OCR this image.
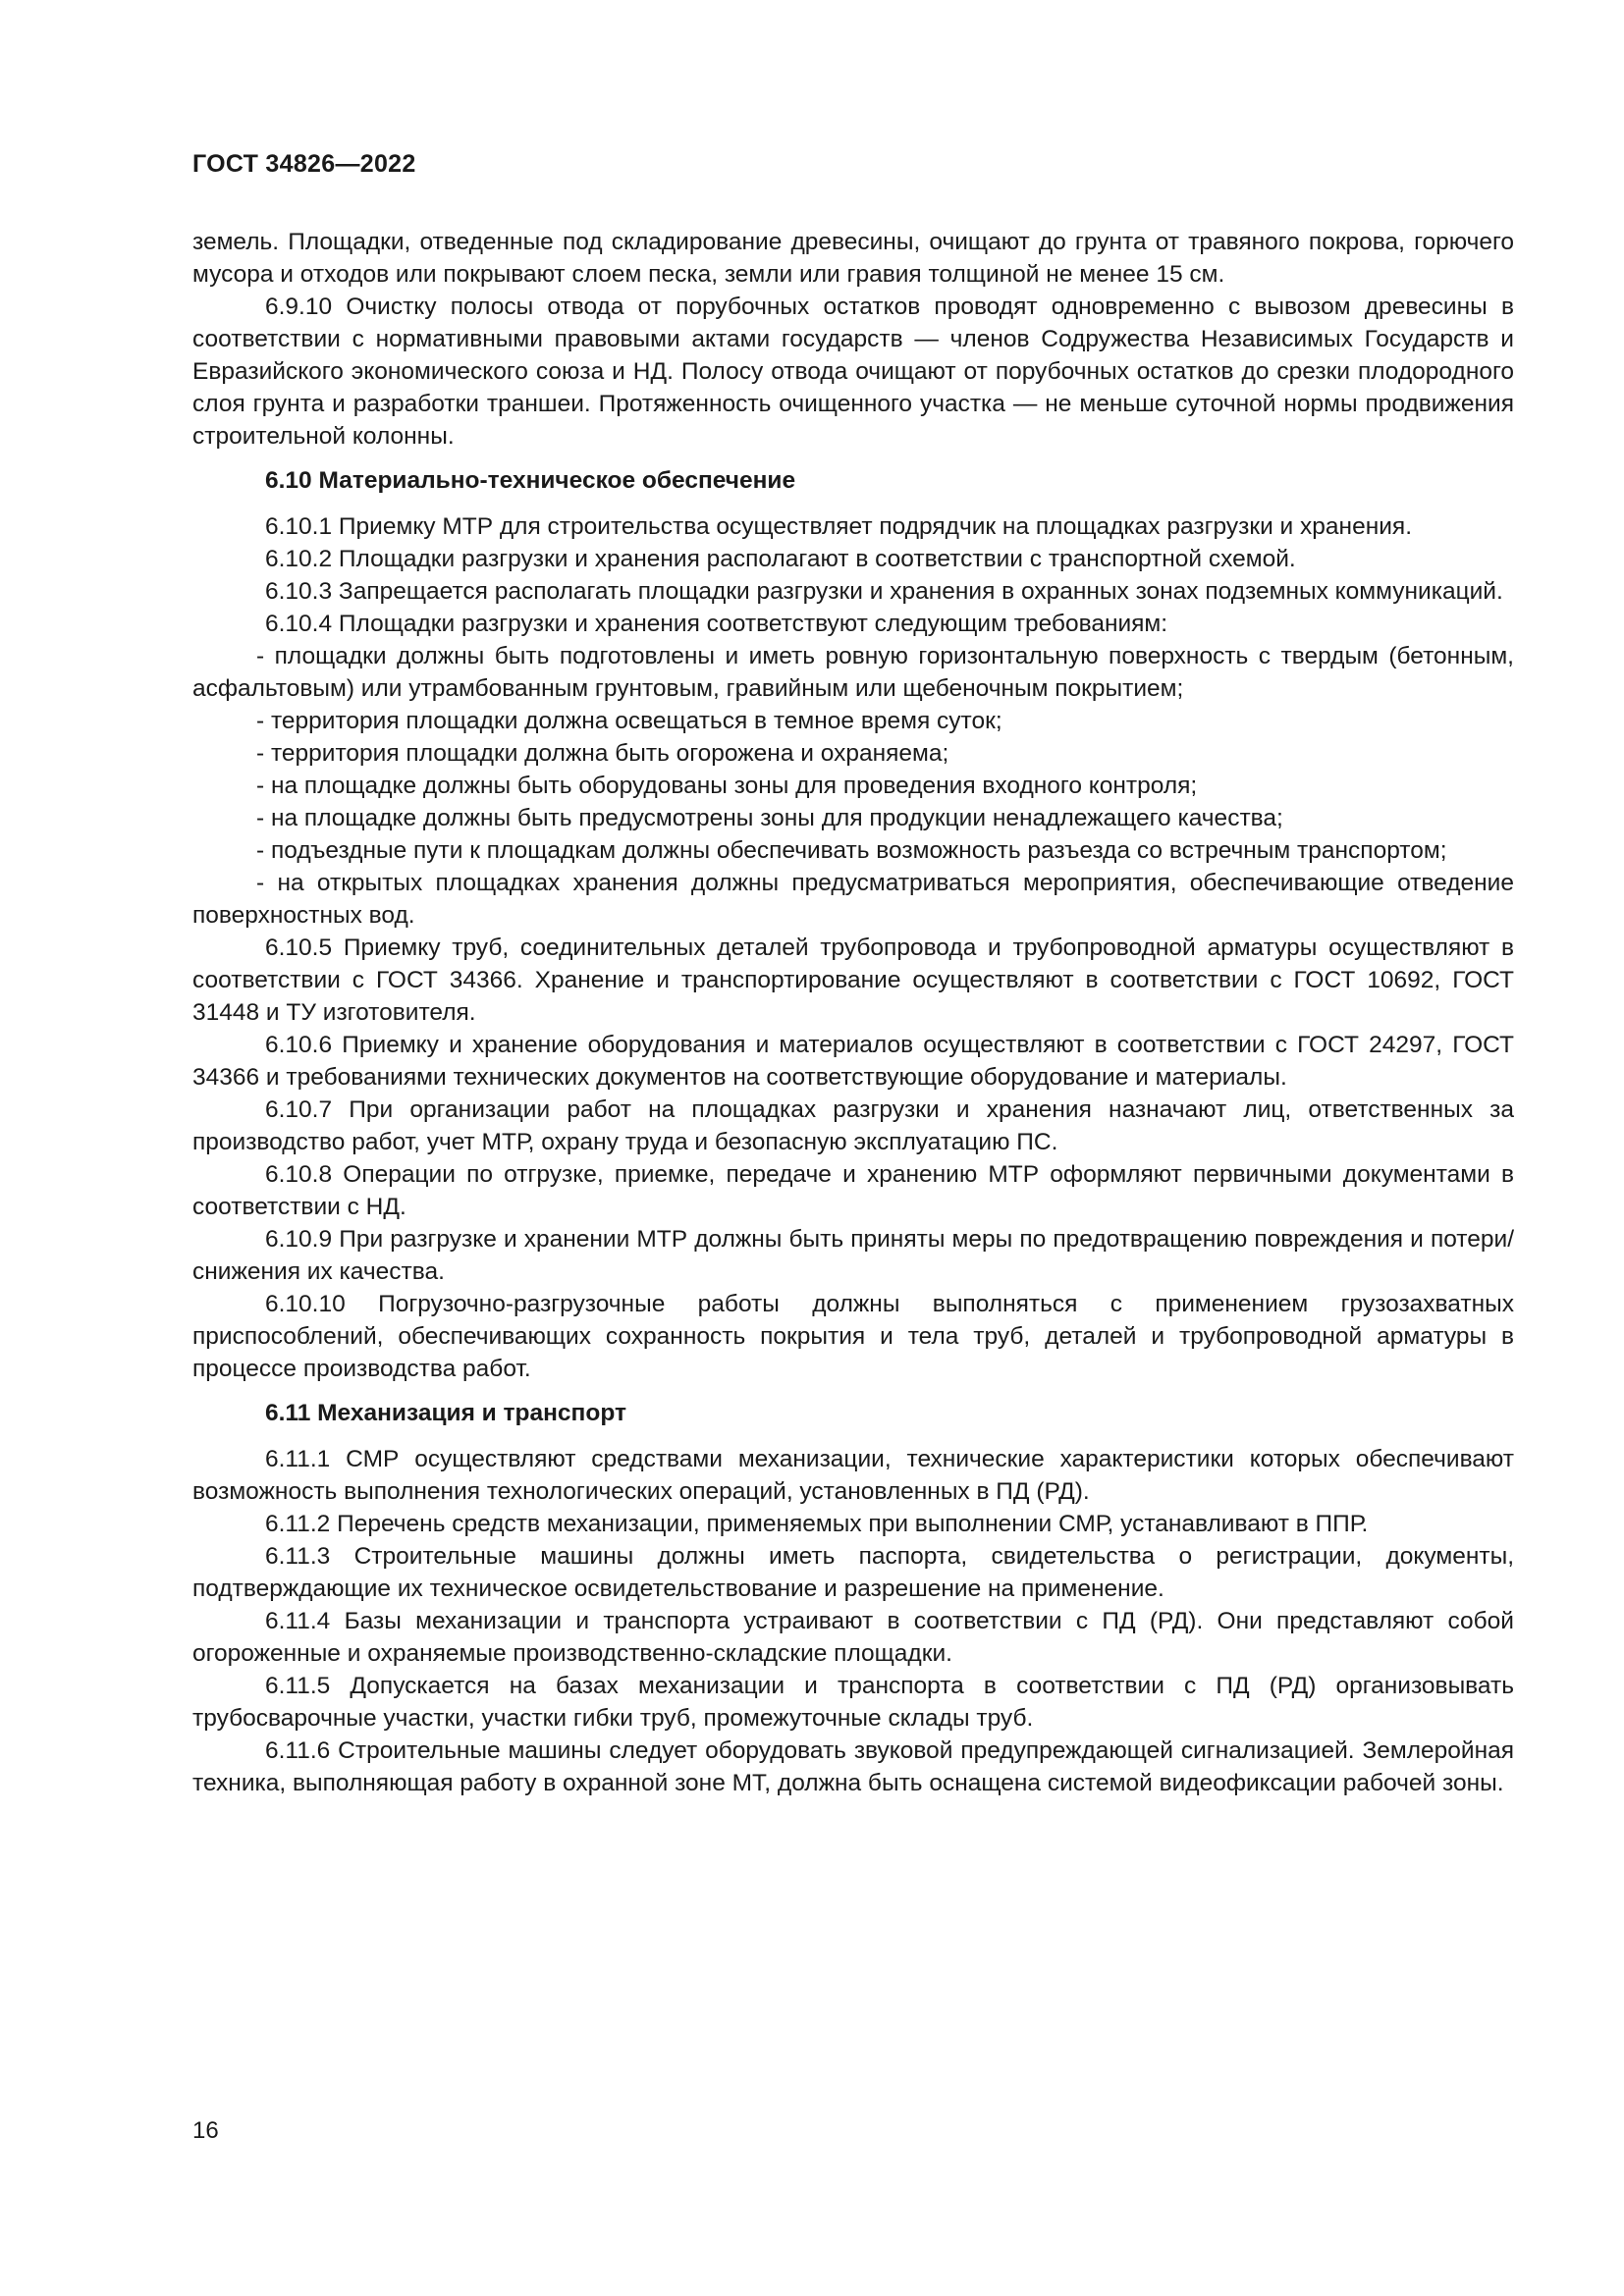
ГОСТ 34826—2022

земель. Площадки, отведенные под складирование древесины, очищают до грунта от травяного покрова, горючего мусора и отходов или покрывают слоем песка, земли или гравия толщиной не менее 15 см.

6.9.10 Очистку полосы отвода от порубочных остатков проводят одновременно с вывозом древесины в соответствии с нормативными правовыми актами государств — членов Содружества Независимых Государств и Евразийского экономического союза и НД. Полосу отвода очищают от порубочных остатков до срезки плодородного слоя грунта и разработки траншеи. Протяженность очищенного участка — не меньше суточной нормы продвижения строительной колонны.

6.10 Материально-техническое обеспечение

6.10.1 Приемку МТР для строительства осуществляет подрядчик на площадках разгрузки и хранения.

6.10.2 Площадки разгрузки и хранения располагают в соответствии с транспортной схемой.

6.10.3 Запрещается располагать площадки разгрузки и хранения в охранных зонах подземных коммуникаций.

6.10.4 Площадки разгрузки и хранения соответствуют следующим требованиям:

- площадки должны быть подготовлены и иметь ровную горизонтальную поверхность с твердым (бетонным, асфальтовым) или утрамбованным грунтовым, гравийным или щебеночным покрытием;

- территория площадки должна освещаться в темное время суток;

- территория площадки должна быть огорожена и охраняема;

- на площадке должны быть оборудованы зоны для проведения входного контроля;

- на площадке должны быть предусмотрены зоны для продукции ненадлежащего качества;

- подъездные пути к площадкам должны обеспечивать возможность разъезда со встречным транспортом;

- на открытых площадках хранения должны предусматриваться мероприятия, обеспечивающие отведение поверхностных вод.

6.10.5 Приемку труб, соединительных деталей трубопровода и трубопроводной арматуры осуществляют в соответствии с ГОСТ 34366. Хранение и транспортирование осуществляют в соответствии с ГОСТ 10692, ГОСТ 31448 и ТУ изготовителя.

6.10.6 Приемку и хранение оборудования и материалов осуществляют в соответствии с ГОСТ 24297, ГОСТ 34366 и требованиями технических документов на соответствующие оборудование и материалы.

6.10.7 При организации работ на площадках разгрузки и хранения назначают лиц, ответственных за производство работ, учет МТР, охрану труда и безопасную эксплуатацию ПС.

6.10.8 Операции по отгрузке, приемке, передаче и хранению МТР оформляют первичными документами в соответствии с НД.

6.10.9 При разгрузке и хранении МТР должны быть приняты меры по предотвращению повреждения и потери/снижения их качества.

6.10.10 Погрузочно-разгрузочные работы должны выполняться с применением грузозахватных приспособлений, обеспечивающих сохранность покрытия и тела труб, деталей и трубопроводной арматуры в процессе производства работ.

6.11 Механизация и транспорт

6.11.1 СМР осуществляют средствами механизации, технические характеристики которых обеспечивают возможность выполнения технологических операций, установленных в ПД (РД).

6.11.2 Перечень средств механизации, применяемых при выполнении СМР, устанавливают в ППР.

6.11.3 Строительные машины должны иметь паспорта, свидетельства о регистрации, документы, подтверждающие их техническое освидетельствование и разрешение на применение.

6.11.4 Базы механизации и транспорта устраивают в соответствии с ПД (РД). Они представляют собой огороженные и охраняемые производственно-складские площадки.

6.11.5 Допускается на базах механизации и транспорта в соответствии с ПД (РД) организовывать трубосварочные участки, участки гибки труб, промежуточные склады труб.

6.11.6 Строительные машины следует оборудовать звуковой предупреждающей сигнализацией. Землеройная техника, выполняющая работу в охранной зоне МТ, должна быть оснащена системой видеофиксации рабочей зоны.

16
